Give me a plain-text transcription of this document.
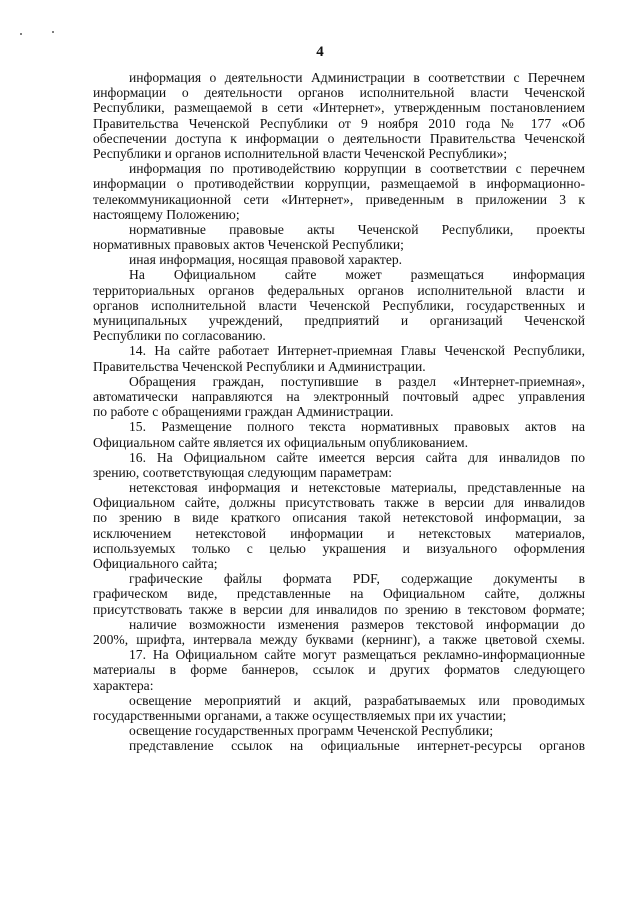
4
информация о деятельности Администрации в соответствии с Перечнем
информации о деятельности органов исполнительной власти Чеченской
Республики, размещаемой в сети «Интернет», утвержденным постановлением
Правительства Чеченской Республики от 9 ноября 2010 года № 177 «Об
обеспечении доступа к информации о деятельности Правительства Чеченской
Республики и органов исполнительной власти Чеченской Республики»;
информация по противодействию коррупции в соответствии с перечнем
информации о противодействии коррупции, размещаемой в информационно-
телекоммуникационной сети «Интернет», приведенным в приложении 3 к
настоящему Положению;
нормативные правовые акты Чеченской Республики, проекты
нормативных правовых актов Чеченской Республики;
иная информация, носящая правовой характер.
На Официальном сайте может размещаться информация
территориальных органов федеральных органов исполнительной власти и
органов исполнительной власти Чеченской Республики, государственных и
муниципальных учреждений, предприятий и организаций Чеченской
Республики по согласованию.
14. На сайте работает Интернет-приемная Главы Чеченской Республики,
Правительства Чеченской Республики и Администрации.
Обращения граждан, поступившие в раздел «Интернет-приемная»,
автоматически направляются на электронный почтовый адрес управления
по работе с обращениями граждан Администрации.
15. Размещение полного текста нормативных правовых актов на
Официальном сайте является их официальным опубликованием.
16. На Официальном сайте имеется версия сайта для инвалидов по
зрению, соответствующая следующим параметрам:
нетекстовая информация и нетекстовые материалы, представленные на
Официальном сайте, должны присутствовать также в версии для инвалидов
по зрению в виде краткого описания такой нетекстовой информации, за
исключением нетекстовой информации и нетекстовых материалов,
используемых только с целью украшения и визуального оформления
Официального сайта;
графические файлы формата PDF, содержащие документы в
графическом виде, представленные на Официальном сайте, должны
присутствовать также в версии для инвалидов по зрению в текстовом формате;
наличие возможности изменения размеров текстовой информации до
200%, шрифта, интервала между буквами (кернинг), а также цветовой схемы.
17. На Официальном сайте могут размещаться рекламно-информационные
материалы в форме баннеров, ссылок и других форматов следующего
характера:
освещение мероприятий и акций, разрабатываемых или проводимых
государственными органами, а также осуществляемых при их участии;
освещение государственных программ Чеченской Республики;
представление ссылок на официальные интернет-ресурсы органов
